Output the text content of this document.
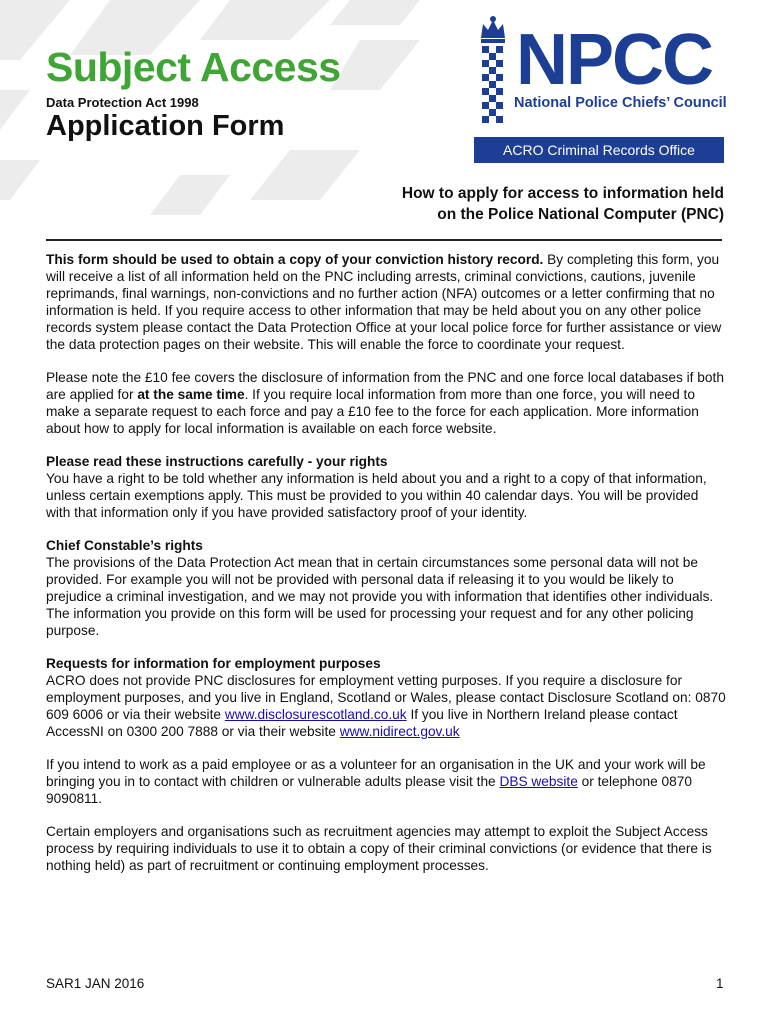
Subject Access
Data Protection Act 1998
Application Form
NPCC
National Police Chiefs’ Council
ACRO Criminal Records Office
How to apply for access to information held
on the Police National Computer (PNC)

This form should be used to obtain a copy of your conviction history record. By completing this form, you will receive a list of all information held on the PNC including arrests, criminal convictions, cautions, juvenile reprimands, final warnings, non-convictions and no further action (NFA) outcomes or a letter confirming that no information is held. If you require access to other information that may be held about you on any other police records system please contact the Data Protection Office at your local police force for further assistance or view the data protection pages on their website. This will enable the force to coordinate your request.

Please note the £10 fee covers the disclosure of information from the PNC and one force local databases if both are applied for at the same time. If you require local information from more than one force, you will need to make a separate request to each force and pay a £10 fee to the force for each application. More information about how to apply for local information is available on each force website.

Please read these instructions carefully - your rights
You have a right to be told whether any information is held about you and a right to a copy of that information, unless certain exemptions apply. This must be provided to you within 40 calendar days. You will be provided with that information only if you have provided satisfactory proof of your identity.

Chief Constable’s rights
The provisions of the Data Protection Act mean that in certain circumstances some personal data will not be provided. For example you will not be provided with personal data if releasing it to you would be likely to prejudice a criminal investigation, and we may not provide you with information that identifies other individuals. The information you provide on this form will be used for processing your request and for any other policing purpose.

Requests for information for employment purposes
ACRO does not provide PNC disclosures for employment vetting purposes. If you require a disclosure for employment purposes, and you live in England, Scotland or Wales, please contact Disclosure Scotland on: 0870 609 6006 or via their website www.disclosurescotland.co.uk If you live in Northern Ireland please contact AccessNI on 0300 200 7888 or via their website www.nidirect.gov.uk

If you intend to work as a paid employee or as a volunteer for an organisation in the UK and your work will be bringing you in to contact with children or vulnerable adults please visit the DBS website or telephone 0870 9090811.

Certain employers and organisations such as recruitment agencies may attempt to exploit the Subject Access process by requiring individuals to use it to obtain a copy of their criminal convictions (or evidence that there is nothing held) as part of recruitment or continuing employment processes.

SAR1 JAN 2016	1
